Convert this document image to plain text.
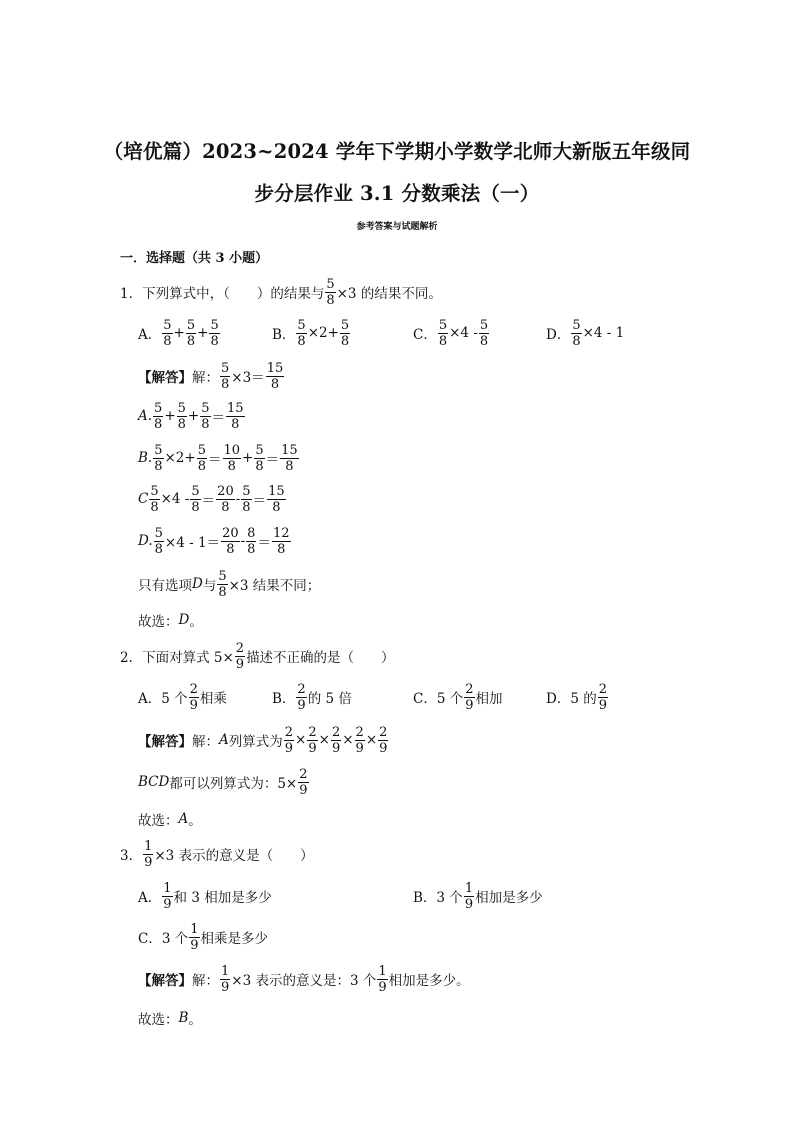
（培优篇）2023~2024 学年下学期小学数学北师大新版五年级同
步分层作业 3.1 分数乘法（一）
参考答案与试题解析
一．选择题（共 3 小题）
1．下列算式中，（　　）的结果与 $\frac{5}{8} \times 3$ 的结果不同。
A． $\frac{5}{8} + \frac{5}{8} + \frac{5}{8}$	B． $\frac{5}{8} \times 2+ \frac{5}{8}$	C． $\frac{5}{8} \times 4 - \frac{5}{8}$	D． $\frac{5}{8} \times 4 - 1$
【解答】 解： $\frac{5}{8} \times 3= \frac{15}{8}$
A. $\frac{5}{8} + \frac{5}{8} + \frac{5}{8} = \frac{15}{8}$
B. $\frac{5}{8} \times 2+ \frac{5}{8} = \frac{10}{8} + \frac{5}{8} = \frac{15}{8}$
C $\frac{5}{8} \times 4 - \frac{5}{8} = \frac{20}{8} - \frac{5}{8} = \frac{15}{8}$
D. $\frac{5}{8} \times 4 - 1= \frac{20}{8} - \frac{8}{8} = \frac{12}{8}$
只有选项 D 与 $\frac{5}{8} \times 3$ 结果不同；
故选： D 。
2．下面对算式 $5\times \frac{2}{9}$ 描述不正确的是（　　）
A．5 个 $\frac{2}{9}$ 相乘	B． $\frac{2}{9}$ 的 5 倍	C．5 个 $\frac{2}{9}$ 相加	D．5 的 $\frac{2}{9}$
【解答】 解： A 列算式为 $\frac{2}{9} \times \frac{2}{9} \times \frac{2}{9} \times \frac{2}{9} \times \frac{2}{9}$
BCD 都可以列算式为：$5\times \frac{2}{9}$
故选： A 。
3． $\frac{1}{9} \times 3$ 表示的意义是（　　）
A． $\frac{1}{9}$ 和 3 相加是多少	B．3 个 $\frac{1}{9}$ 相加是多少
C．3 个 $\frac{1}{9}$ 相乘是多少
【解答】 解： $\frac{1}{9} \times 3$ 表示的意义是：3 个 $\frac{1}{9}$ 相加是多少。
故选： B 。
